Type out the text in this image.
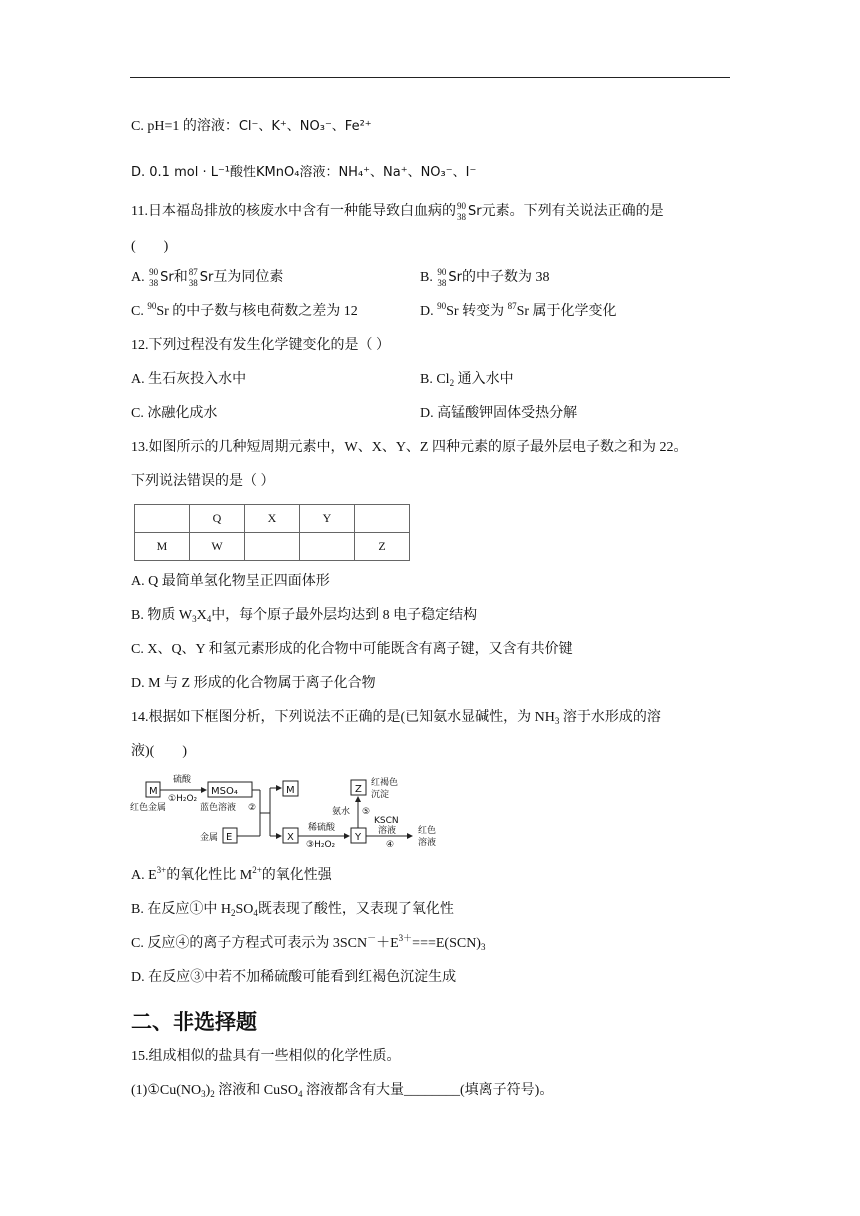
C. pH=1 的溶液：Cl⁻、K⁺、NO₃⁻、Fe²⁺
D. 0.1 mol · L⁻¹酸性KMnO₄溶液：NH₄⁺、Na⁺、NO₃⁻、I⁻
11.日本福岛排放的核废水中含有一种能导致白血病的 90
38 Sr元素。下列有关说法正确的是
(　　)
A. 90
38 Sr和 87
38 Sr互为同位素	B. 90
38 Sr的中子数为 38
C. $^{90}$Sr 的中子数与核电荷数之差为 12	D. $^{90}$Sr 转变为 $^{87}$Sr 属于化学变化
12.下列过程没有发生化学键变化的是（ ）
A. 生石灰投入水中	B. $Cl_2$ 通入水中
C. 冰融化成水	D. 高锰酸钾固体受热分解
13.如图所示的几种短周期元素中，W、X、Y、Z 四种元素的原子最外层电子数之和为 22。
下列说法错误的是（ ）
	Q	X	Y	
M	W			Z
A. Q 最简单氢化物呈正四面体形
B. 物质 $W_3X_4$中，每个原子最外层均达到 8 电子稳定结构
C. X、Q、Y 和氢元素形成的化合物中可能既含有离子键，又含有共价键
D. M 与 Z 形成的化合物属于离子化合物
14.根据如下框图分析，下列说法不正确的是(已知氨水显碱性，为 $NH_3$ 溶于水形成的溶
液)(　　)
M	MSO₄	M
E	X	Y
Z
硫酸
①H₂O₂
红色金属	蓝色溶液 ②
金属
稀硫酸
③H₂O₂
氨水 ⑤
红褐色
沉淀
KSCN
溶液
④
红色
溶液
A. $E^{3+}$的氧化性比 $M^{2+}$的氧化性强
B. 在反应①中 $H_2SO_4$既表现了酸性，又表现了氧化性
C. 反应④的离子方程式可表示为 $3SCN^-+E^{3+}===E(SCN)_3$
D. 在反应③中若不加稀硫酸可能看到红褐色沉淀生成
二、非选择题
15.组成相似的盐具有一些相似的化学性质。
$(1)①Cu(NO_3)_2$ 溶液和 CuSO$_4$ 溶液都含有大量________(填离子符号)。
